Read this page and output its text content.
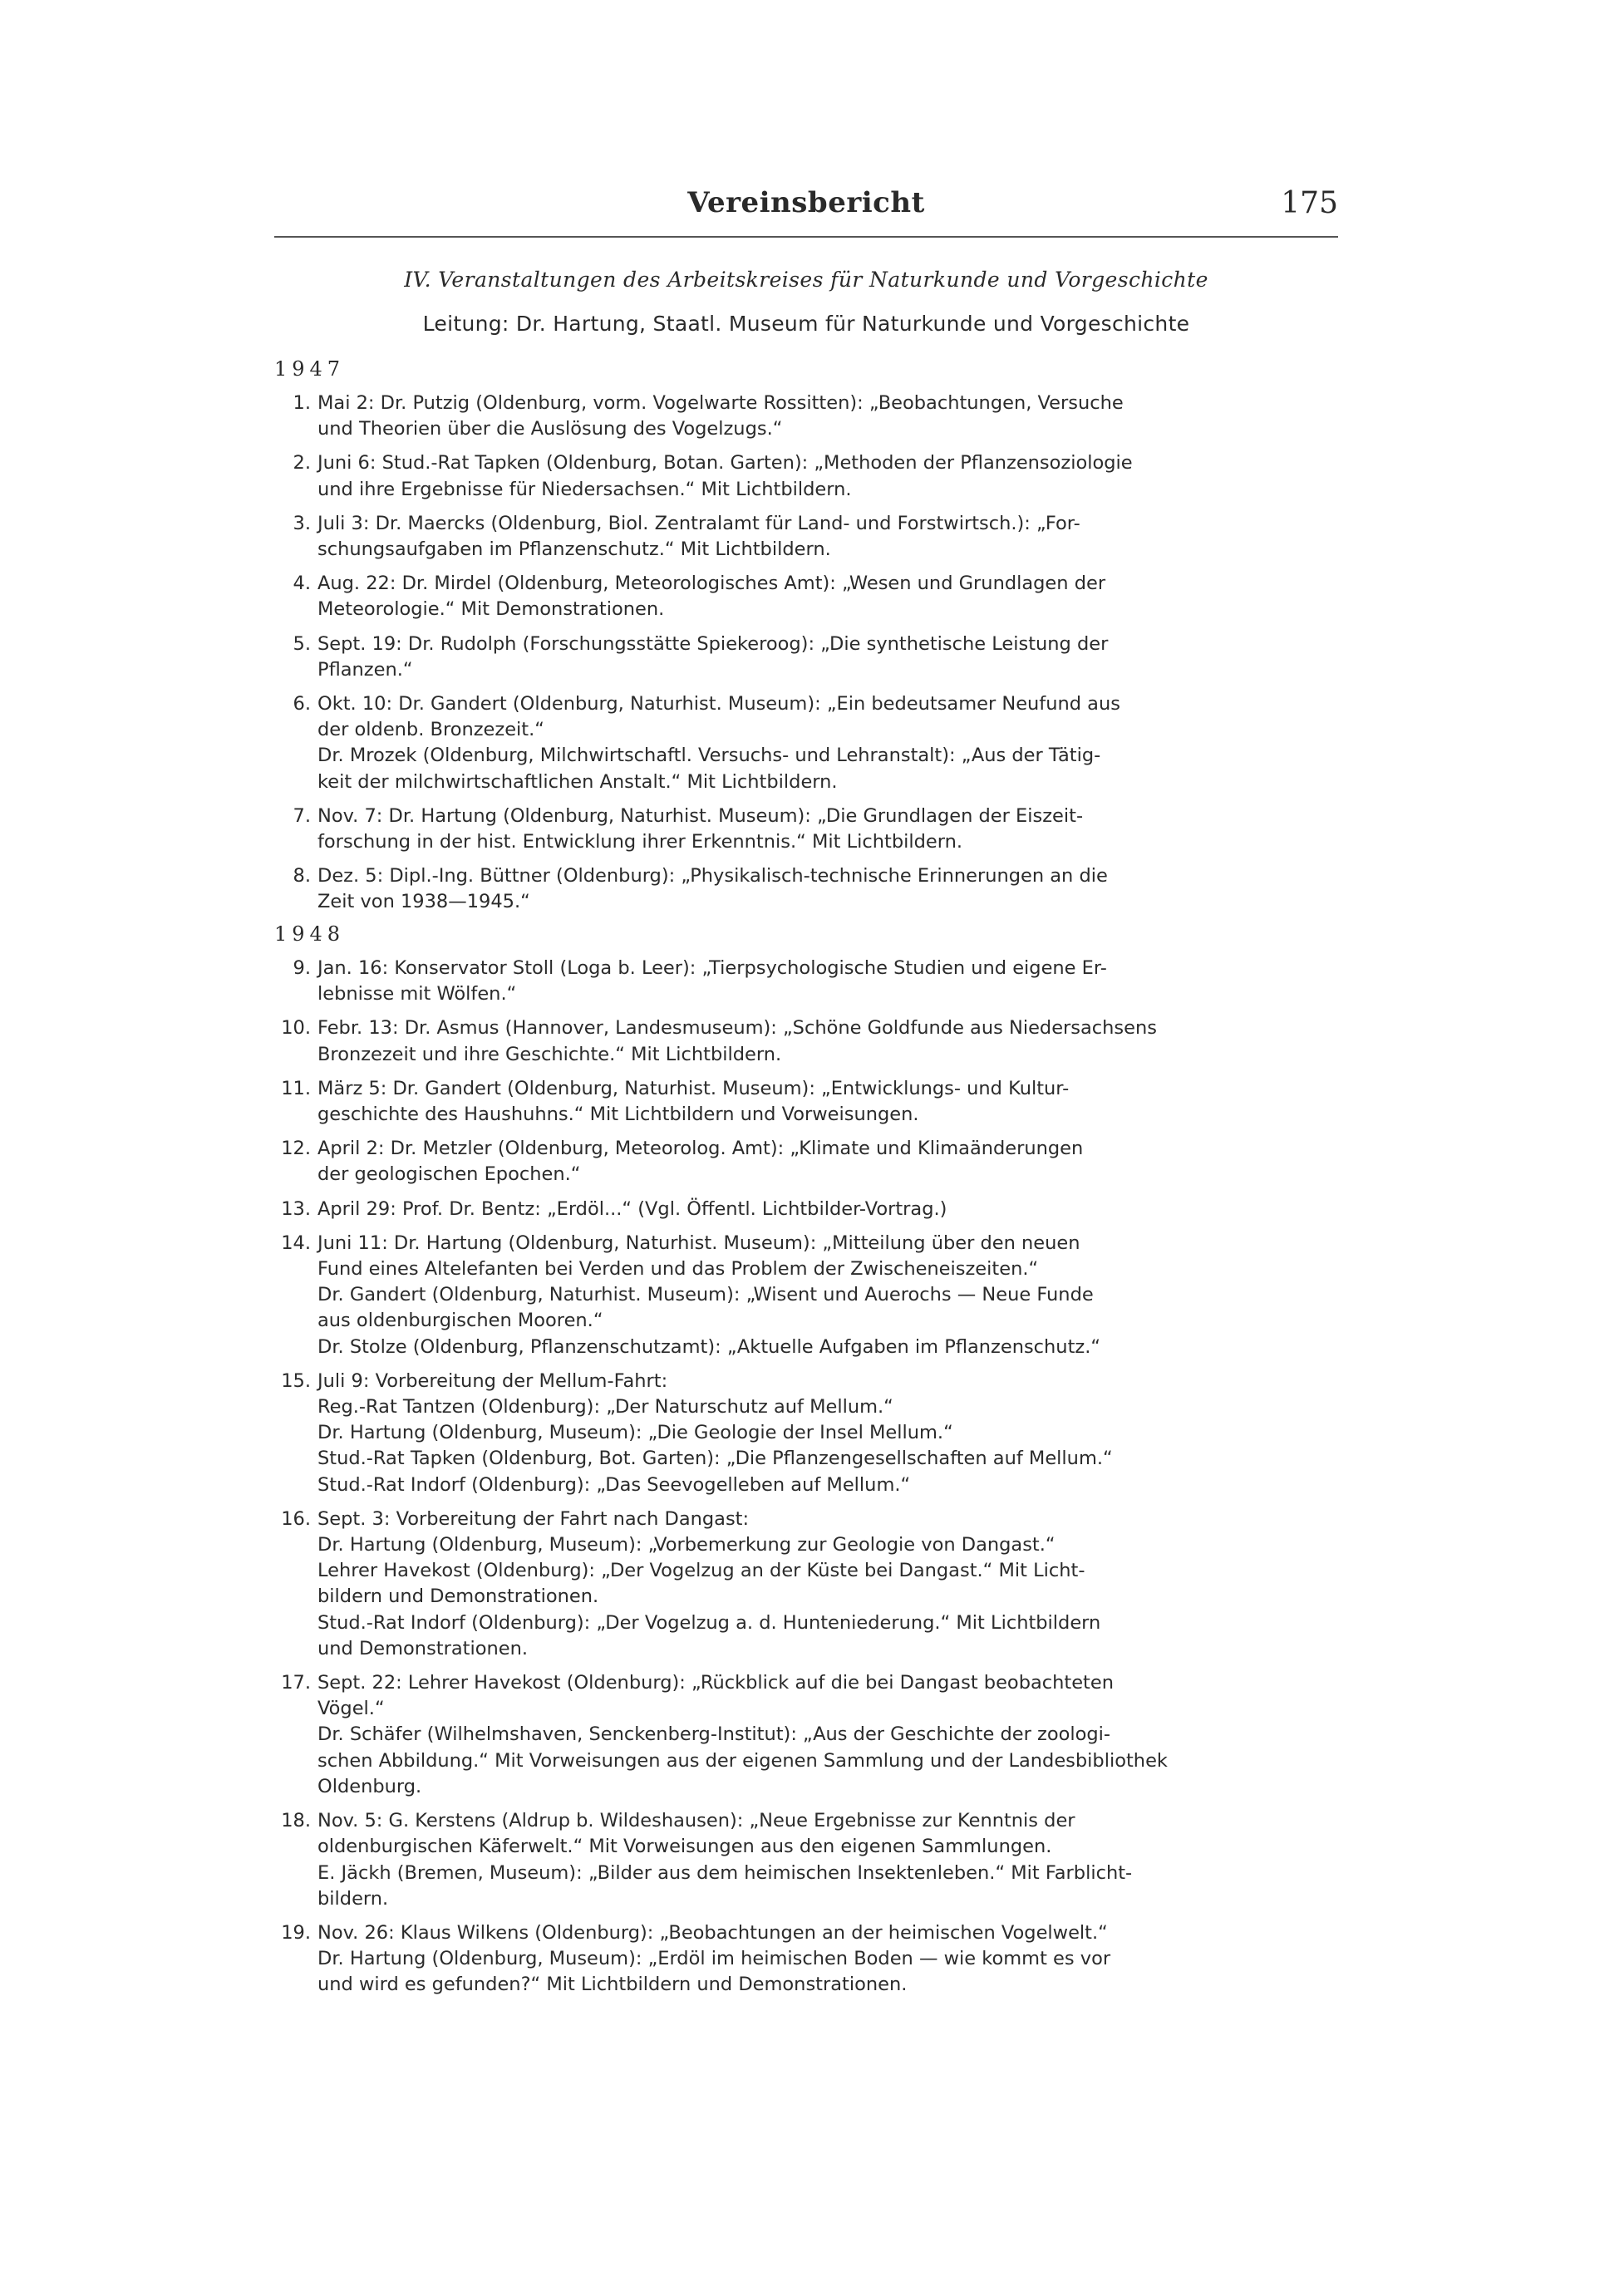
Vereinsbericht	175
IV. Veranstaltungen des Arbeitskreises für Naturkunde und Vorgeschichte
Leitung: Dr. Hartung, Staatl. Museum für Naturkunde und Vorgeschichte
1947
1. Mai 2: Dr. Putzig (Oldenburg, vorm. Vogelwarte Rossitten): „Beobachtungen, Versuche
und Theorien über die Auslösung des Vogelzugs.“
2. Juni 6: Stud.-Rat Tapken (Oldenburg, Botan. Garten): „Methoden der Pflanzensoziologie
und ihre Ergebnisse für Niedersachsen.“ Mit Lichtbildern.
3. Juli 3: Dr. Maercks (Oldenburg, Biol. Zentralamt für Land- und Forstwirtsch.): „For-
schungsaufgaben im Pflanzenschutz.“ Mit Lichtbildern.
4. Aug. 22: Dr. Mirdel (Oldenburg, Meteorologisches Amt): „Wesen und Grundlagen der
Meteorologie.“ Mit Demonstrationen.
5. Sept. 19: Dr. Rudolph (Forschungsstätte Spiekeroog): „Die synthetische Leistung der
Pflanzen.“
6. Okt. 10: Dr. Gandert (Oldenburg, Naturhist. Museum): „Ein bedeutsamer Neufund aus
der oldenb. Bronzezeit.“
Dr. Mrozek (Oldenburg, Milchwirtschaftl. Versuchs- und Lehranstalt): „Aus der Tätig-
keit der milchwirtschaftlichen Anstalt.“ Mit Lichtbildern.
7. Nov. 7: Dr. Hartung (Oldenburg, Naturhist. Museum): „Die Grundlagen der Eiszeit-
forschung in der hist. Entwicklung ihrer Erkenntnis.“ Mit Lichtbildern.
8. Dez. 5: Dipl.-Ing. Büttner (Oldenburg): „Physikalisch-technische Erinnerungen an die
Zeit von 1938—1945.“
1948
9. Jan. 16: Konservator Stoll (Loga b. Leer): „Tierpsychologische Studien und eigene Er-
lebnisse mit Wölfen.“
10. Febr. 13: Dr. Asmus (Hannover, Landesmuseum): „Schöne Goldfunde aus Niedersachsens
Bronzezeit und ihre Geschichte.“ Mit Lichtbildern.
11. März 5: Dr. Gandert (Oldenburg, Naturhist. Museum): „Entwicklungs- und Kultur-
geschichte des Haushuhns.“ Mit Lichtbildern und Vorweisungen.
12. April 2: Dr. Metzler (Oldenburg, Meteorolog. Amt): „Klimate und Klimaänderungen
der geologischen Epochen.“
13. April 29: Prof. Dr. Bentz: „Erdöl...“ (Vgl. Öffentl. Lichtbilder-Vortrag.)
14. Juni 11: Dr. Hartung (Oldenburg, Naturhist. Museum): „Mitteilung über den neuen
Fund eines Altelefanten bei Verden und das Problem der Zwischeneiszeiten.“
Dr. Gandert (Oldenburg, Naturhist. Museum): „Wisent und Auerochs — Neue Funde
aus oldenburgischen Mooren.“
Dr. Stolze (Oldenburg, Pflanzenschutzamt): „Aktuelle Aufgaben im Pflanzenschutz.“
15. Juli 9: Vorbereitung der Mellum-Fahrt:
Reg.-Rat Tantzen (Oldenburg): „Der Naturschutz auf Mellum.“
Dr. Hartung (Oldenburg, Museum): „Die Geologie der Insel Mellum.“
Stud.-Rat Tapken (Oldenburg, Bot. Garten): „Die Pflanzengesellschaften auf Mellum.“
Stud.-Rat Indorf (Oldenburg): „Das Seevogelleben auf Mellum.“
16. Sept. 3: Vorbereitung der Fahrt nach Dangast:
Dr. Hartung (Oldenburg, Museum): „Vorbemerkung zur Geologie von Dangast.“
Lehrer Havekost (Oldenburg): „Der Vogelzug an der Küste bei Dangast.“ Mit Licht-
bildern und Demonstrationen.
Stud.-Rat Indorf (Oldenburg): „Der Vogelzug a. d. Hunteniederung.“ Mit Lichtbildern
und Demonstrationen.
17. Sept. 22: Lehrer Havekost (Oldenburg): „Rückblick auf die bei Dangast beobachteten
Vögel.“
Dr. Schäfer (Wilhelmshaven, Senckenberg-Institut): „Aus der Geschichte der zoologi-
schen Abbildung.“ Mit Vorweisungen aus der eigenen Sammlung und der Landesbibliothek
Oldenburg.
18. Nov. 5: G. Kerstens (Aldrup b. Wildeshausen): „Neue Ergebnisse zur Kenntnis der
oldenburgischen Käferwelt.“ Mit Vorweisungen aus den eigenen Sammlungen.
E. Jäckh (Bremen, Museum): „Bilder aus dem heimischen Insektenleben.“ Mit Farblicht-
bildern.
19. Nov. 26: Klaus Wilkens (Oldenburg): „Beobachtungen an der heimischen Vogelwelt.“
Dr. Hartung (Oldenburg, Museum): „Erdöl im heimischen Boden — wie kommt es vor
und wird es gefunden?“ Mit Lichtbildern und Demonstrationen.
